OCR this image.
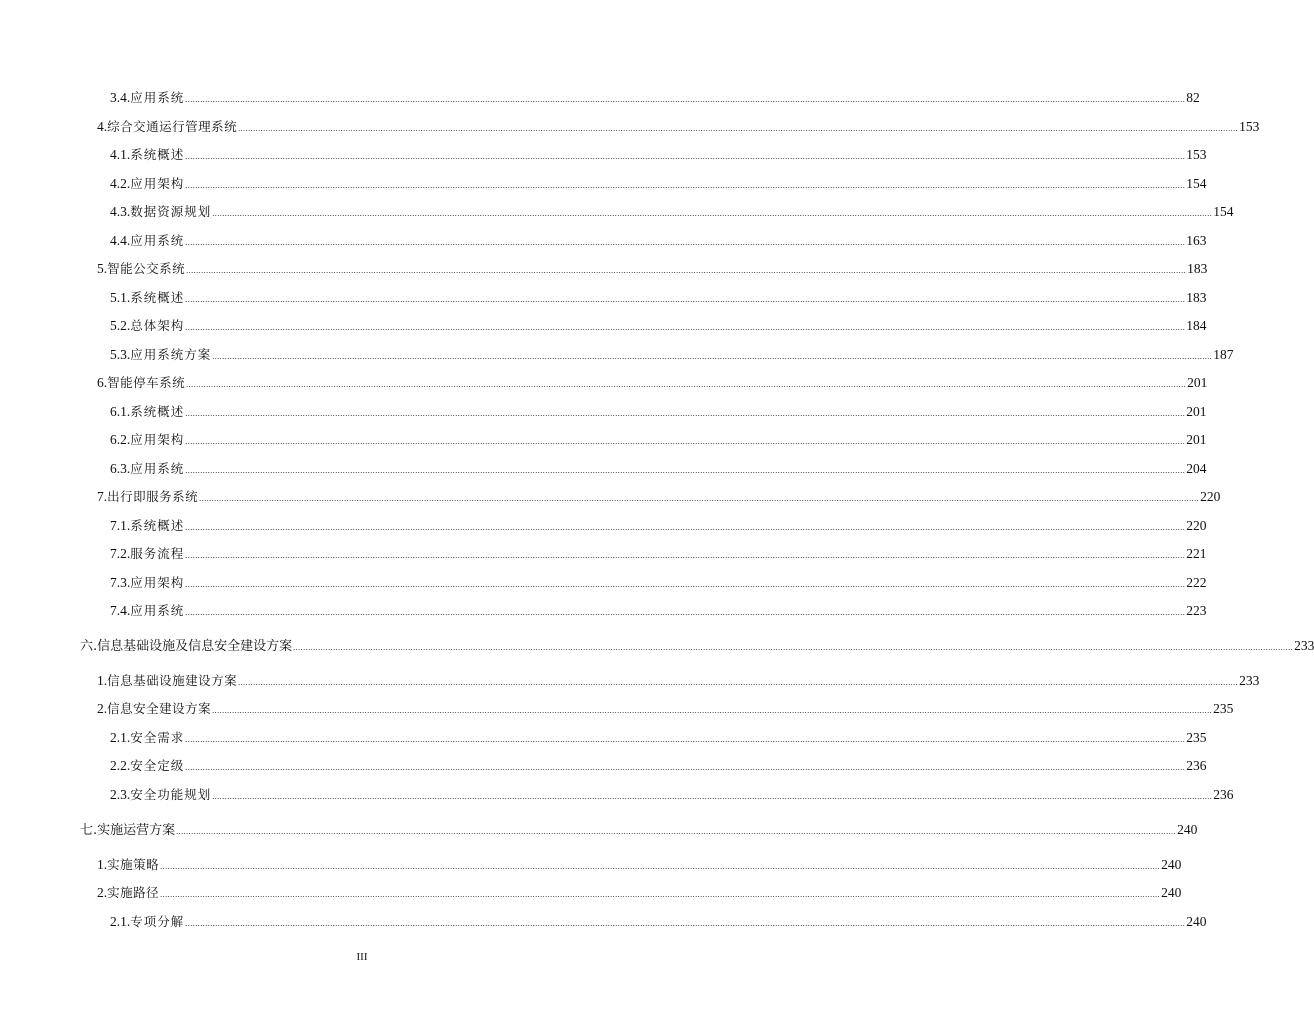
3.4. 应用系统 ................................................................................................................................................................................................................................................................................................................................................................................................................ 82
4. 综合交通运行管理系统 ................................................................................................................................................................................................................................................................................................................................................................................................................ 153
4.1. 系统概述 ................................................................................................................................................................................................................................................................................................................................................................................................................ 153
4.2. 应用架构 ................................................................................................................................................................................................................................................................................................................................................................................................................ 154
4.3. 数据资源规划 ................................................................................................................................................................................................................................................................................................................................................................................................................ 154
4.4. 应用系统 ................................................................................................................................................................................................................................................................................................................................................................................................................ 163
5. 智能公交系统 ................................................................................................................................................................................................................................................................................................................................................................................................................ 183
5.1. 系统概述 ................................................................................................................................................................................................................................................................................................................................................................................................................ 183
5.2. 总体架构 ................................................................................................................................................................................................................................................................................................................................................................................................................ 184
5.3. 应用系统方案 ................................................................................................................................................................................................................................................................................................................................................................................................................ 187
6. 智能停车系统 ................................................................................................................................................................................................................................................................................................................................................................................................................ 201
6.1. 系统概述 ................................................................................................................................................................................................................................................................................................................................................................................................................ 201
6.2. 应用架构 ................................................................................................................................................................................................................................................................................................................................................................................................................ 201
6.3. 应用系统 ................................................................................................................................................................................................................................................................................................................................................................................................................ 204
7. 出行即服务系统 ................................................................................................................................................................................................................................................................................................................................................................................................................ 220
7.1. 系统概述 ................................................................................................................................................................................................................................................................................................................................................................................................................ 220
7.2. 服务流程 ................................................................................................................................................................................................................................................................................................................................................................................................................ 221
7.3. 应用架构 ................................................................................................................................................................................................................................................................................................................................................................................................................ 222
7.4. 应用系统 ................................................................................................................................................................................................................................................................................................................................................................................................................ 223
六. 信息基础设施及信息安全建设方案 ................................................................................................................................................................................................................................................................................................................................................................................................................ 233
1. 信息基础设施建设方案 ................................................................................................................................................................................................................................................................................................................................................................................................................ 233
2. 信息安全建设方案 ................................................................................................................................................................................................................................................................................................................................................................................................................ 235
2.1. 安全需求 ................................................................................................................................................................................................................................................................................................................................................................................................................ 235
2.2. 安全定级 ................................................................................................................................................................................................................................................................................................................................................................................................................ 236
2.3. 安全功能规划 ................................................................................................................................................................................................................................................................................................................................................................................................................ 236
七. 实施运营方案 ................................................................................................................................................................................................................................................................................................................................................................................................................ 240
1. 实施策略 ................................................................................................................................................................................................................................................................................................................................................................................................................ 240
2. 实施路径 ................................................................................................................................................................................................................................................................................................................................................................................................................ 240
2.1. 专项分解 ................................................................................................................................................................................................................................................................................................................................................................................................................ 240
III
